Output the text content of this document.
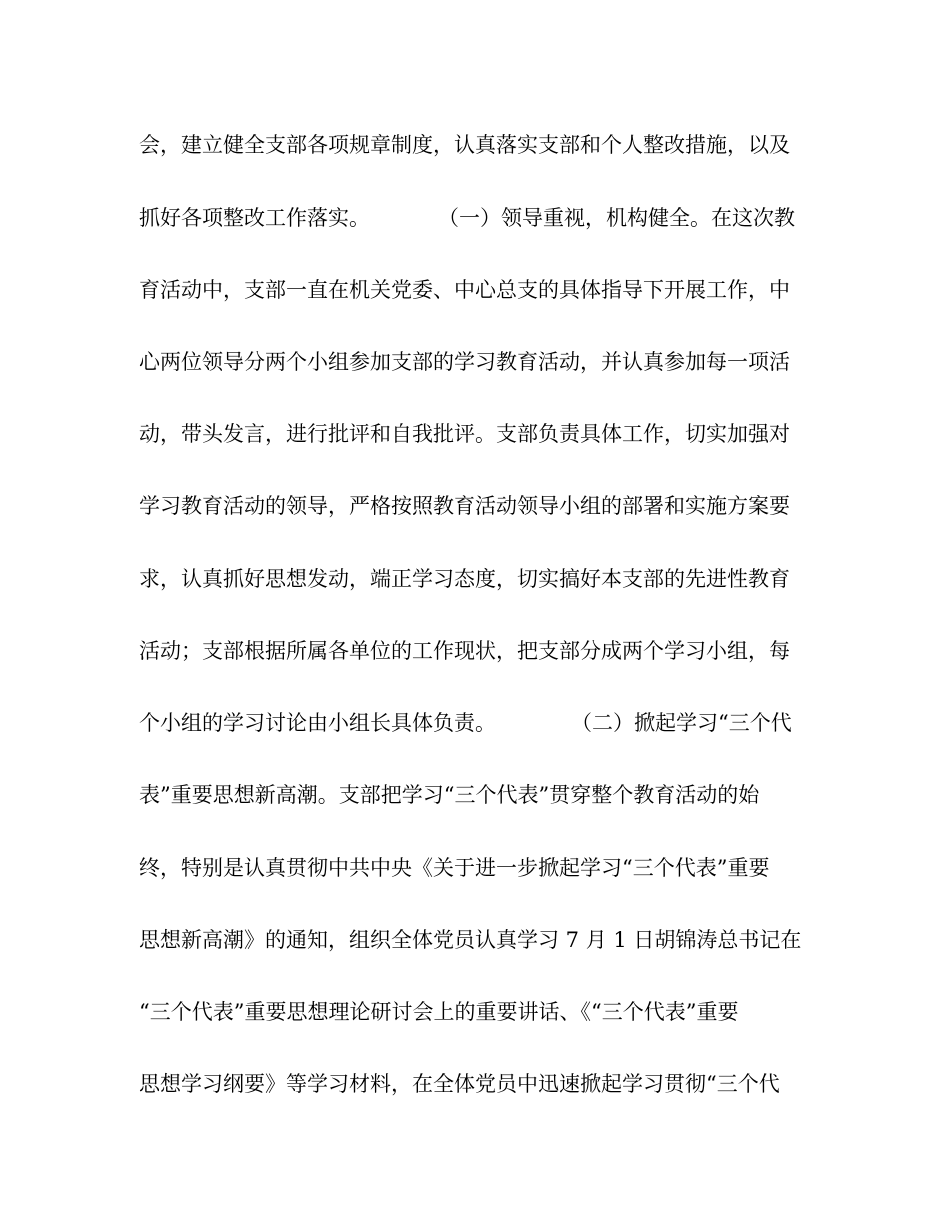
会，建立健全支部各项规章制度，认真落实支部和个人整改措施，以及

抓好各项整改工作落实。

	（一）领导重视，机构健全。在这次教

育活动中，支部一直在机关党委、中心总支的具体指导下开展工作，中

心两位领导分两个小组参加支部的学习教育活动，并认真参加每一项活

动，带头发言，进行批评和自我批评。支部负责具体工作，切实加强对

学习教育活动的领导，严格按照教育活动领导小组的部署和实施方案要

求，认真抓好思想发动，端正学习态度，切实搞好本支部的先进性教育

活动；支部根据所属各单位的工作现状，把支部分成两个学习小组，每

个小组的学习讨论由小组长具体负责。

	（二）掀起学习“三个代

表”重要思想新高潮。支部把学习“三个代表”贯穿整个教育活动的始

终，特别是认真贯彻中共中央《关于进一步掀起学习“三个代表”重要

思想新高潮》的通知，组织全体党员认真学习 7 月 1 日胡锦涛总书记在

“三个代表”重要思想理论研讨会上的重要讲话、《“三个代表”重要

思想学习纲要》等学习材料，在全体党员中迅速掀起学习贯彻“三个代
